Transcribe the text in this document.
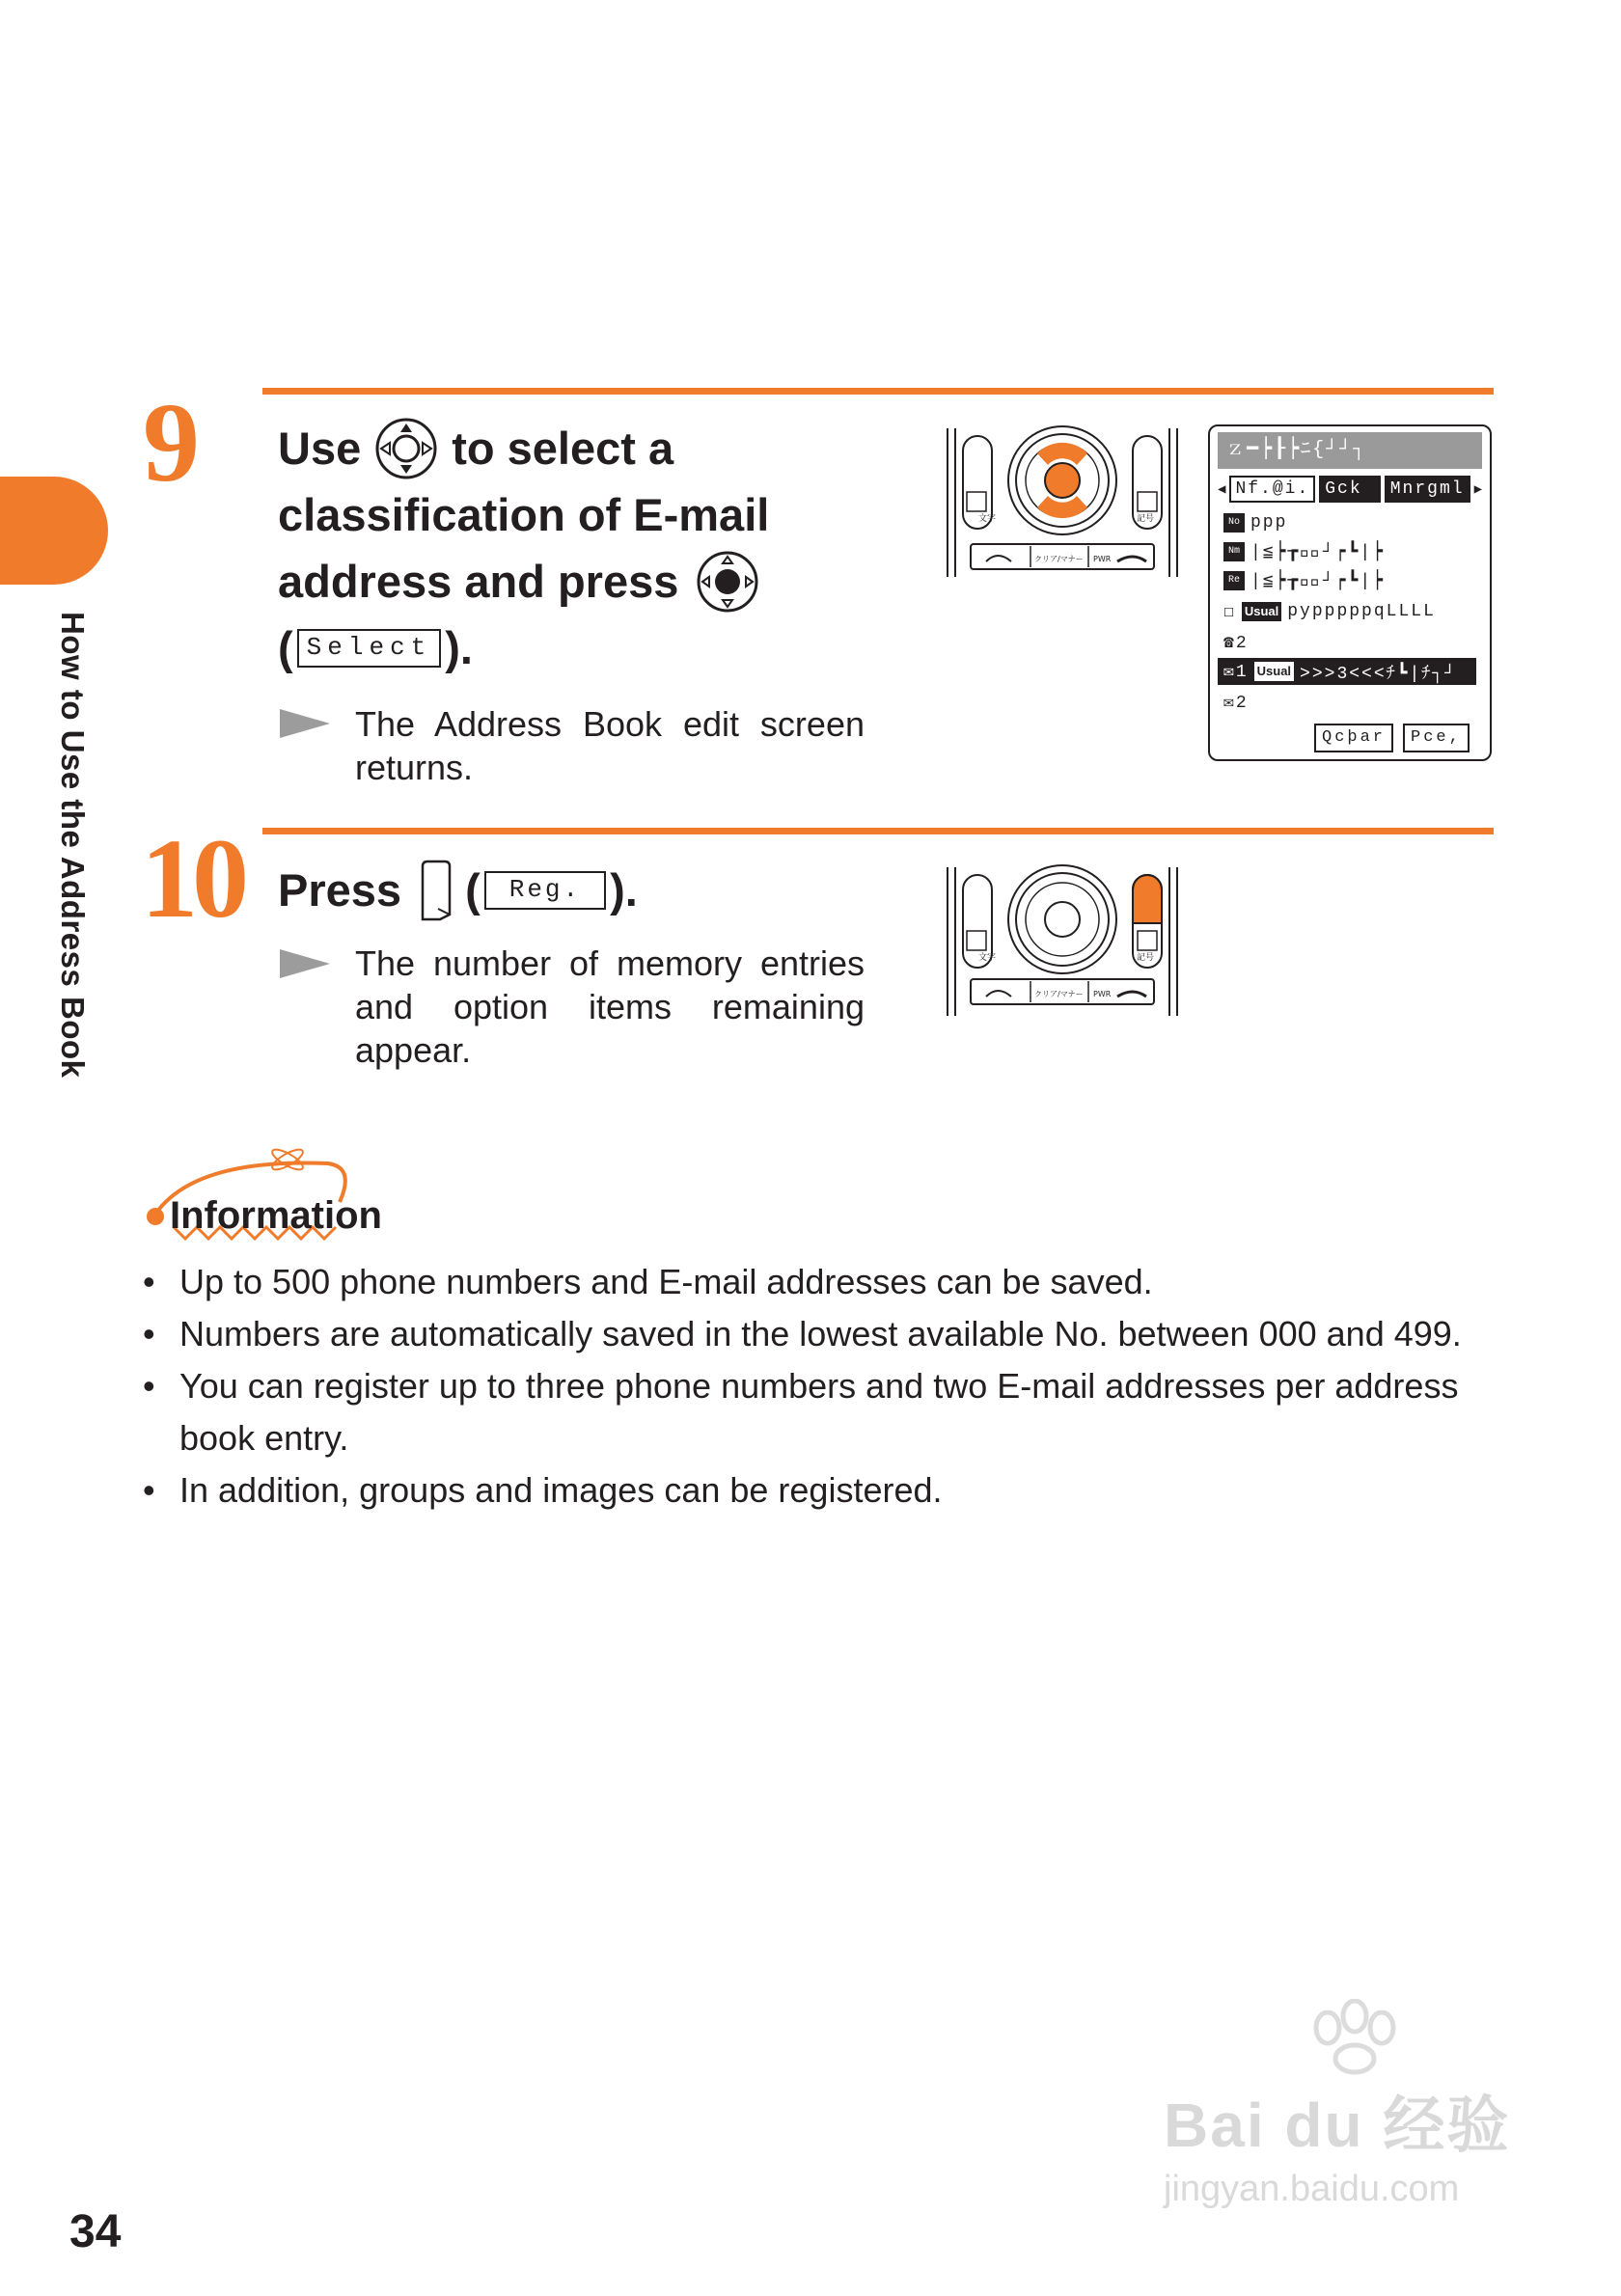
How to Use the Address Book
9 Use to select a
classification of E-mail
address and press
( Select ).
The Address Book edit screen returns.
文字	記号
クリア/マナー PWR
ｚ━┝┠┝ﾆ{┘┘┐
◀ Nf.@i. Gck q
Mnrgml ▶
No ppp
Nm |≦┝┲┳ﾞ┘┍┗|┝
Re |≦┝┲┳ﾞ┘┍┗|┝
☐ Usual pypppppqLLLL
☎2
✉1 Usual >>>3<<<ﾁ┗|ﾁ┐┘
✉2
Qcþar	Pce,
10 Press (	Reg. ).
The number of memory entries and option items remaining appear.
文字	記号
クリア/マナー PWR
Information
• Up to 500 phone numbers and E-mail addresses can be saved.
• Numbers are automatically saved in the lowest available No. between 000 and 499.
• You can register up to three phone numbers and two E-mail addresses per address book entry.
• In addition, groups and images can be registered.
34
Bai du 经验
jingyan.baidu.com
